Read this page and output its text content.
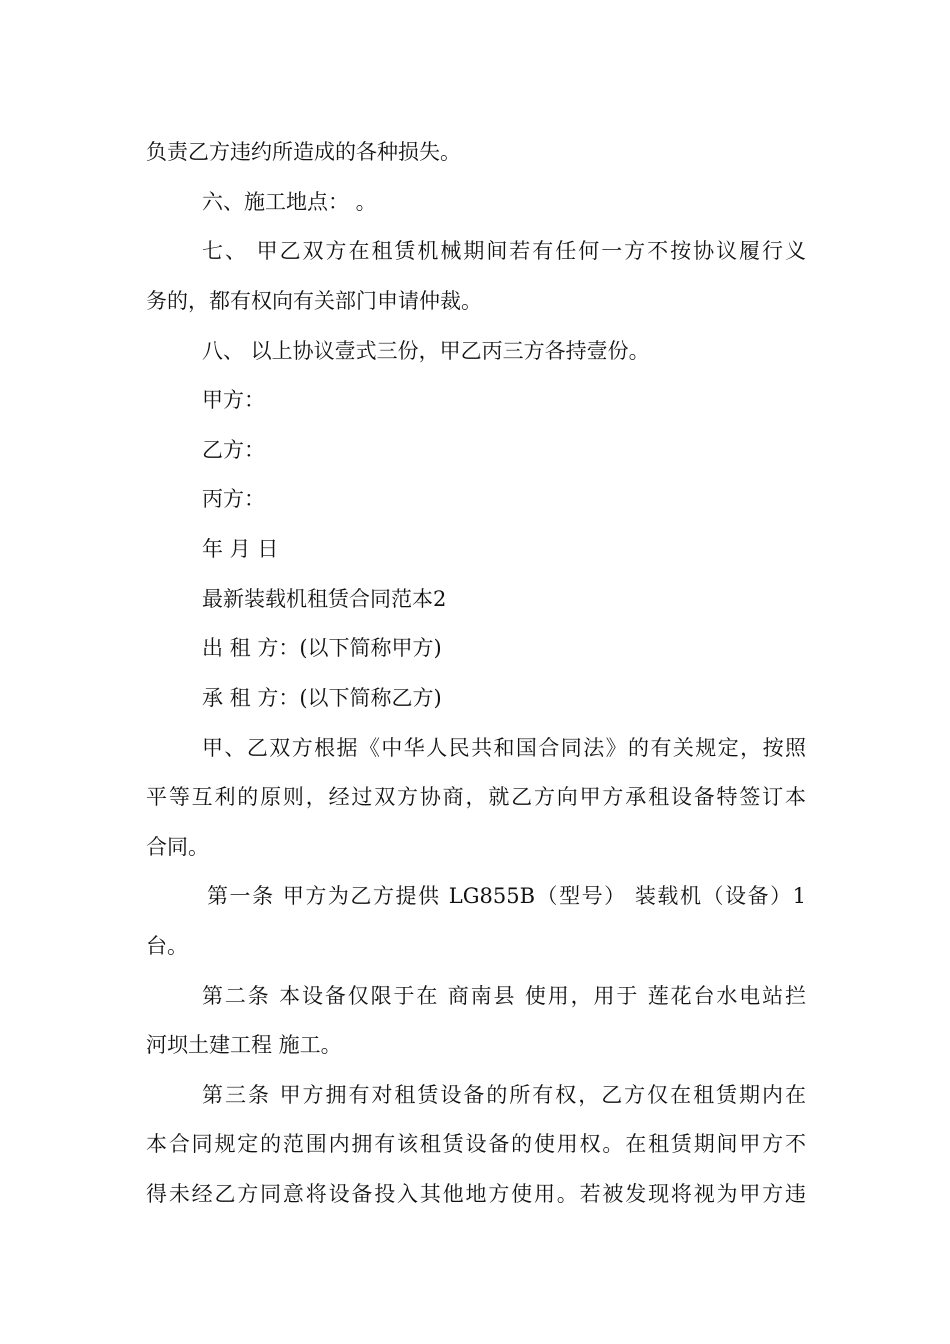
负责乙方违约所造成的各种损失。
六、施工地点： 。
七、 甲乙双方在租赁机械期间若有任何一方不按协议履行义
务的，都有权向有关部门申请仲裁。
八、 以上协议壹式三份，甲乙丙三方各持壹份。
甲方：
乙方：
丙方：
年 月 日
最新装载机租赁合同范本2
出 租 方：(以下简称甲方)
承 租 方：(以下简称乙方)
甲、乙双方根据《中华人民共和国合同法》的有关规定，按照
平等互利的原则，经过双方协商，就乙方向甲方承租设备特签订本
合同。
第一条 甲方为乙方提供 LG855B（型号） 装载机（设备）1
台。
第二条 本设备仅限于在 商南县 使用，用于 莲花台水电站拦
河坝土建工程 施工。
第三条 甲方拥有对租赁设备的所有权，乙方仅在租赁期内在
本合同规定的范围内拥有该租赁设备的使用权。在租赁期间甲方不
得未经乙方同意将设备投入其他地方使用。若被发现将视为甲方违
